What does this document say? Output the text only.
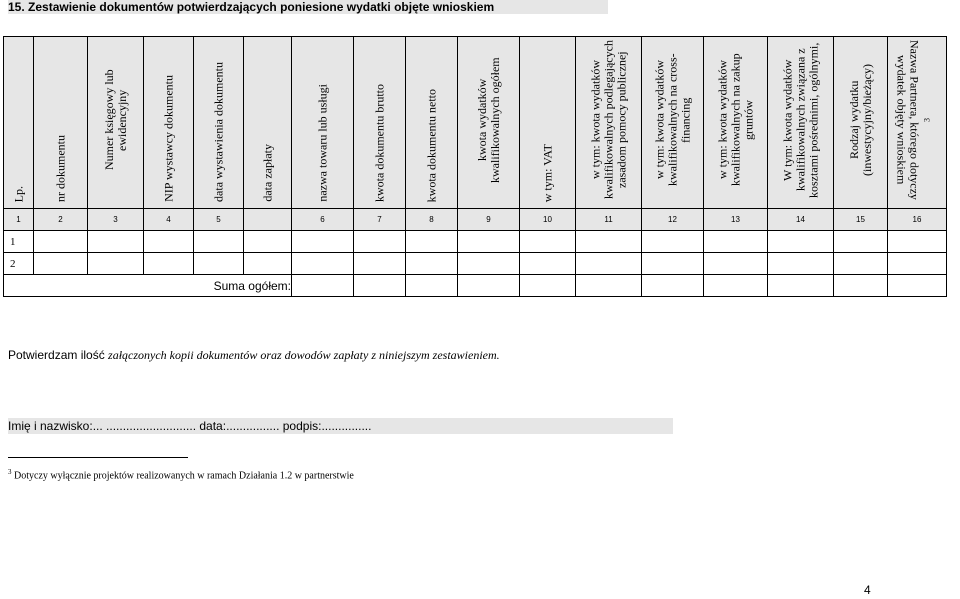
15. Zestawienie dokumentów potwierdzających poniesione wydatki objęte wnioskiem
Lp.	nr dokumentu	Numer księgowy lub ewidencyjny	NIP wystawcy dokumentu	data wystawienia dokumentu	data zapłaty	nazwa towaru lub usługi	kwota dokumentu brutto	kwota dokumentu netto	kwota wydatków kwalifikowalnych ogółem	w tym: VAT	w tym: kwota wydatków kwalifikowalnych podlegających zasadom pomocy publicznej	w tym: kwota wydatków kwalifikowalnych na cross-financing	w tym: kwota wydatków kwalifikowalnych na zakup gruntów	W tym: kwota wydatków kwalifikowalnych związana z kosztami pośrednimi, ogólnymi,	Rodzaj wydatku (inwestycyjny/bieżący)	Nazwa Partnera, którego dotyczy wydatek objęty wnioskiem $^3$

1	2	3	4	5		6	7	8	9	10	11	12	13	14	15	16
1																
2																
Suma ogółem:																
Potwierdzam ilość załączonych kopii dokumentów oraz dowodów zapłaty z niniejszym zestawieniem.
Imię i nazwisko:... ........................... data:................ podpis:...............
$^3$ Dotyczy wyłącznie projektów realizowanych w ramach Działania 1.2 w partnerstwie
4
